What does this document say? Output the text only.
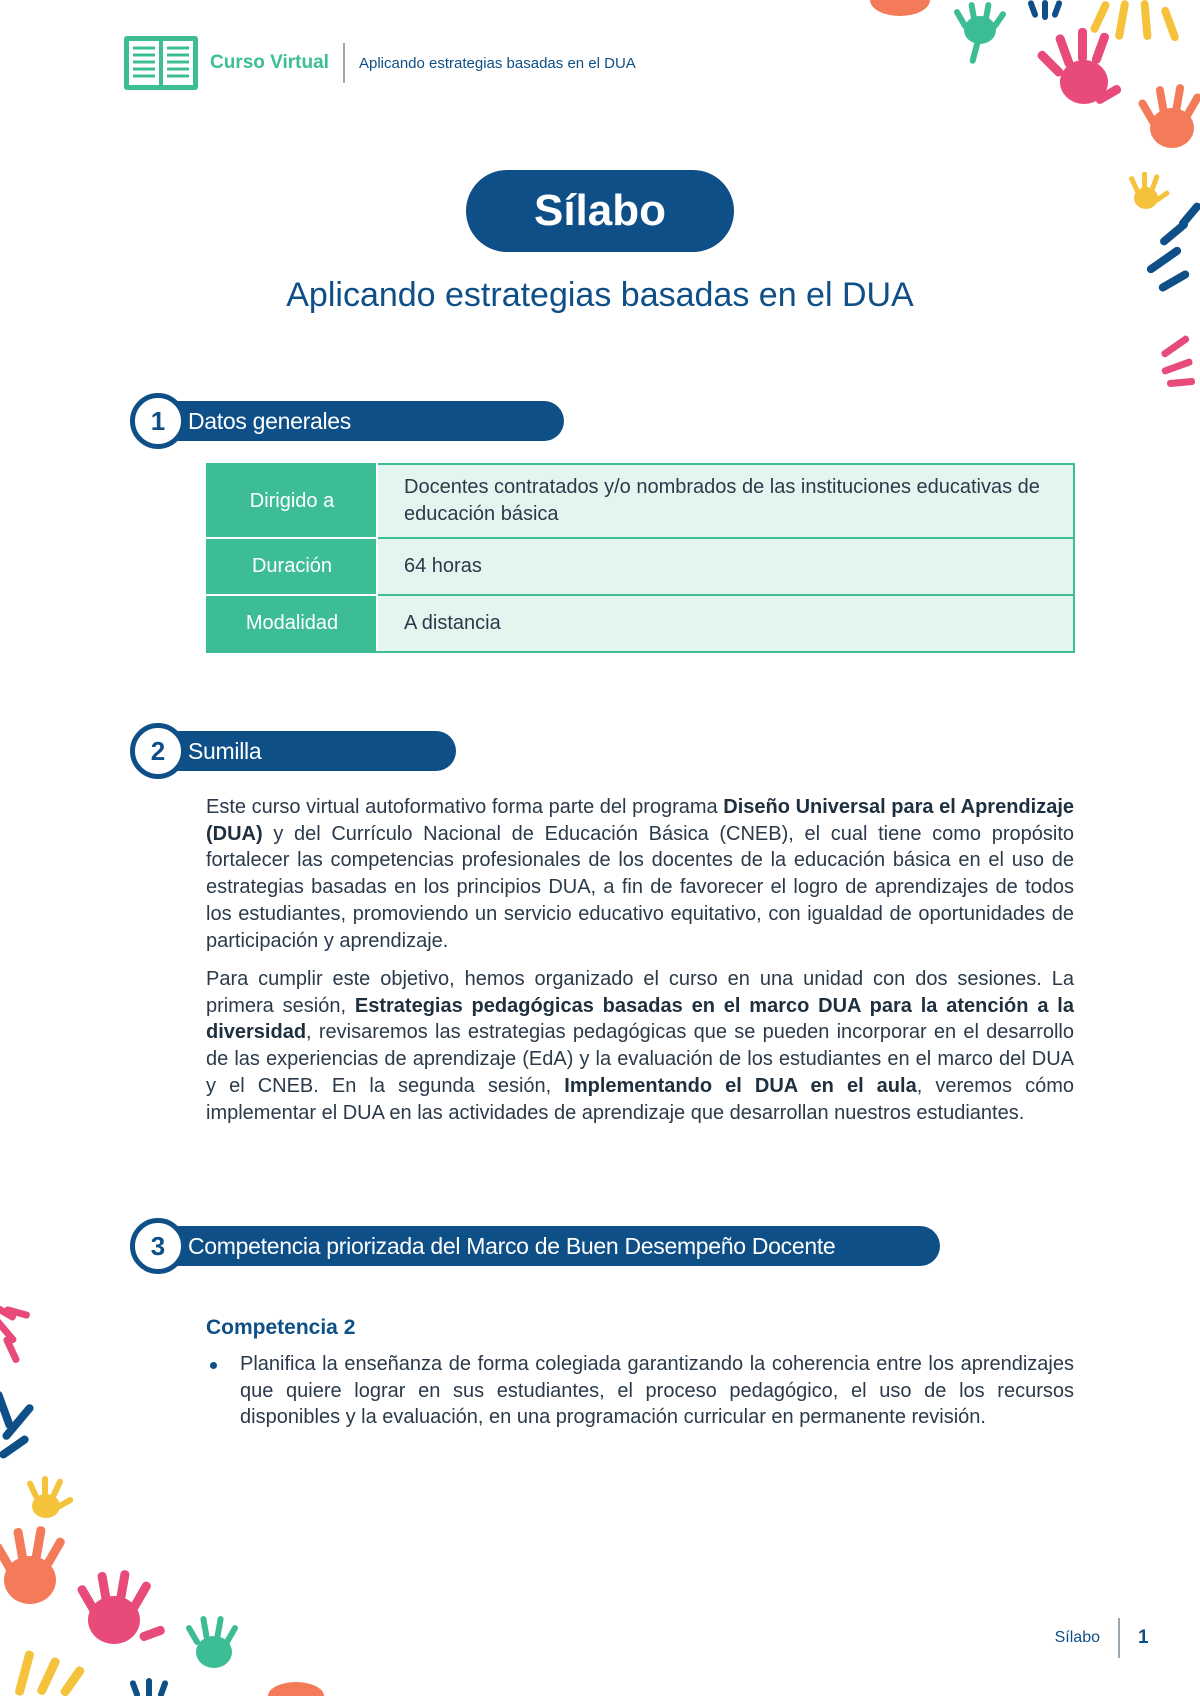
Curso Virtual Aplicando estrategias basadas en el DUA
Sílabo
Aplicando estrategias basadas en el DUA
1 Datos generales
Dirigido a	Docentes contratados y/o nombrados de las instituciones educativas de educación básica
Duración	64 horas
Modalidad	A distancia
2 Sumilla

Este curso virtual autoformativo forma parte del programa Diseño Universal para el Aprendizaje (DUA) y del Currículo Nacional de Educación Básica (CNEB), el cual tiene como propósito fortalecer las competencias profesionales de los docentes de la educación básica en el uso de estrategias basadas en los principios DUA, a fin de favorecer el logro de aprendizajes de todos los estudiantes, promoviendo un servicio educativo equitativo, con igualdad de oportunidades de participación y aprendizaje.

Para cumplir este objetivo, hemos organizado el curso en una unidad con dos sesiones. La primera sesión, Estrategias pedagógicas basadas en el marco DUA para la atención a la diversidad, revisaremos las estrategias pedagógicas que se pueden incorporar en el desarrollo de las experiencias de aprendizaje (EdA) y la evaluación de los estudiantes en el marco del DUA y el CNEB. En la segunda sesión, Implementando el DUA en el aula, veremos cómo implementar el DUA en las actividades de aprendizaje que desarrollan nuestros estudiantes.

3 Competencia priorizada del Marco de Buen Desempeño Docente
Competencia 2
Planifica la enseñanza de forma colegiada garantizando la coherencia entre los aprendizajes que quiere lograr en sus estudiantes, el proceso pedagógico, el uso de los recursos disponibles y la evaluación, en una programación curricular en permanente revisión.
Sílabo 1
